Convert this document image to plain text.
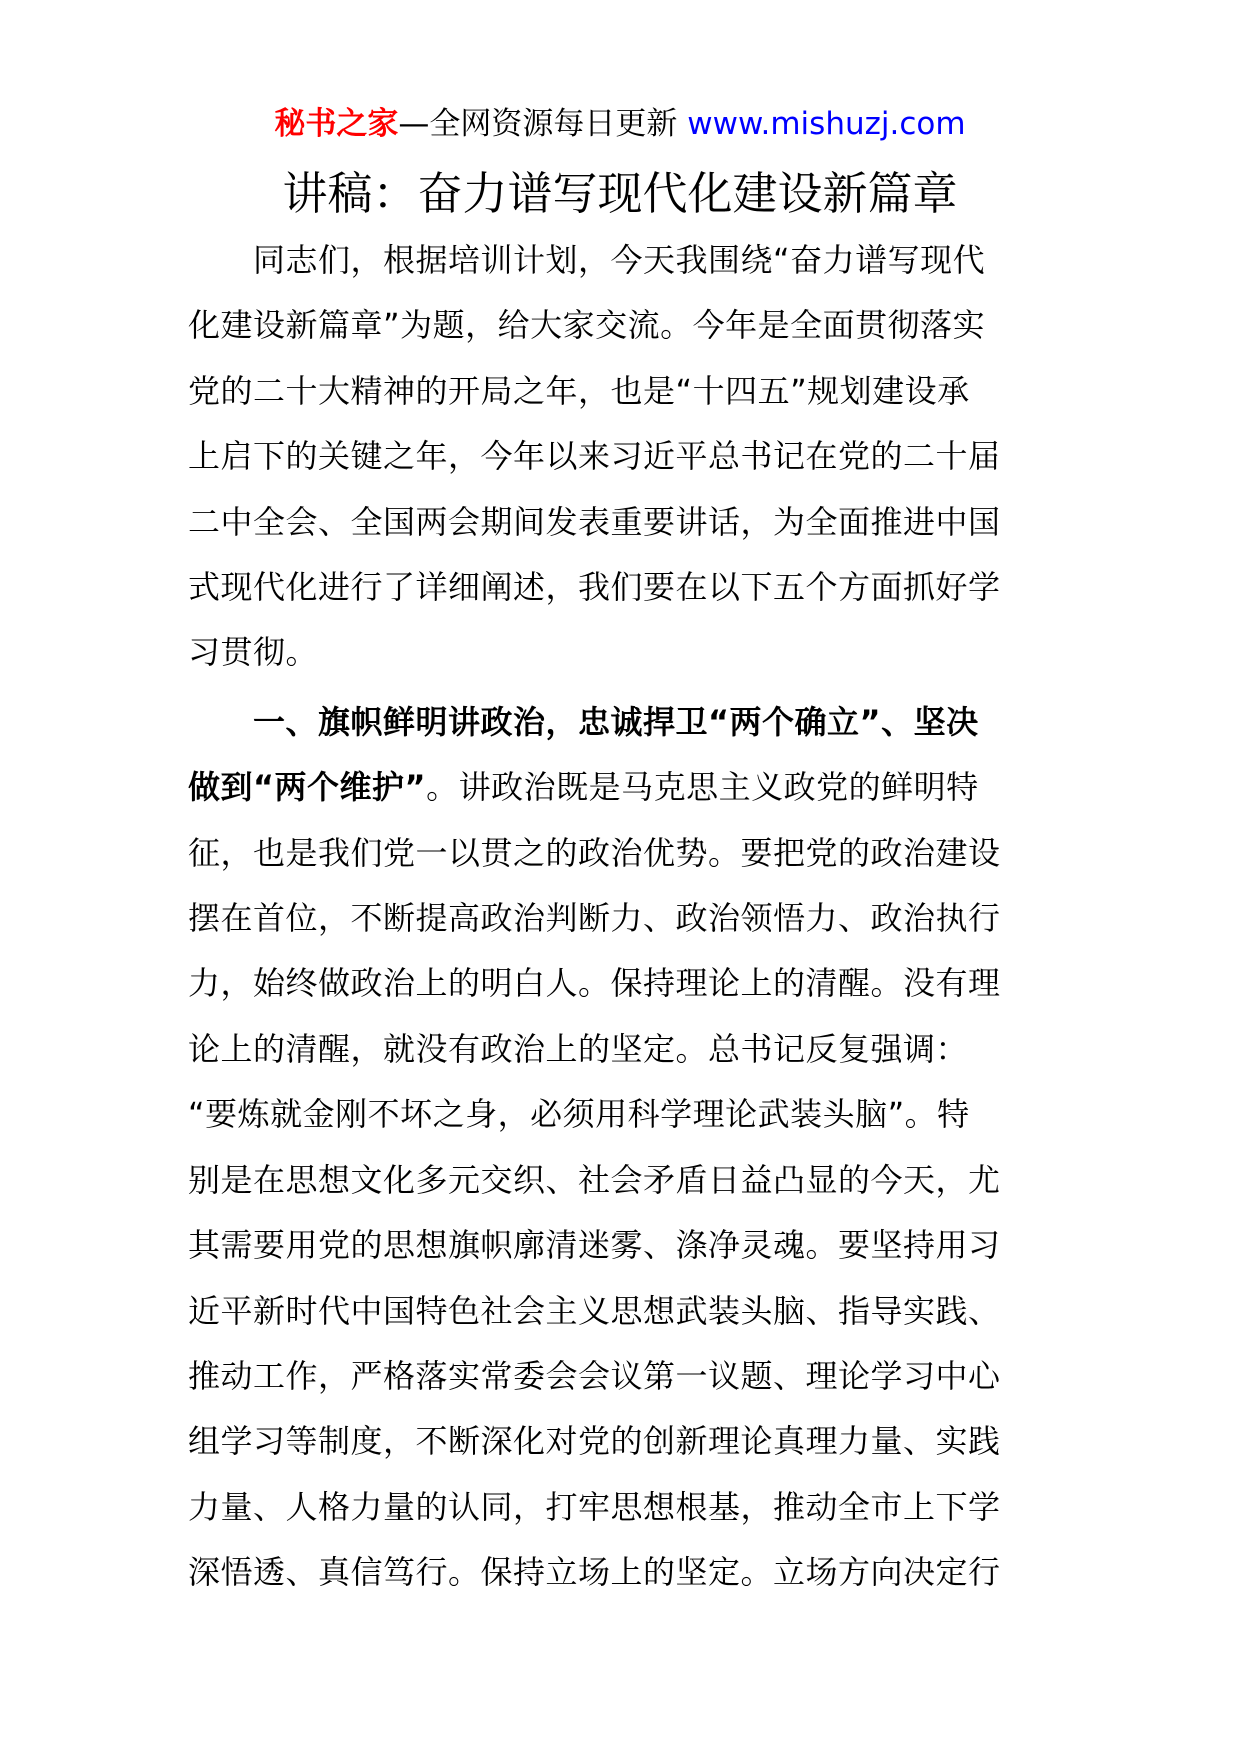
秘书之家—全网资源每日更新 www.mishuzj.com
讲稿：奋力谱写现代化建设新篇章

　　同志们，根据培训计划，今天我围绕“奋力谱写现代
化建设新篇章”为题，给大家交流。今年是全面贯彻落实
党的二十大精神的开局之年，也是“十四五”规划建设承
上启下的关键之年，今年以来习近平总书记在党的二十届
二中全会、全国两会期间发表重要讲话，为全面推进中国
式现代化进行了详细阐述，我们要在以下五个方面抓好学
习贯彻。

　　一、旗帜鲜明讲政治，忠诚捍卫“两个确立”、坚决
做到“两个维护”。讲政治既是马克思主义政党的鲜明特
征，也是我们党一以贯之的政治优势。要把党的政治建设
摆在首位，不断提高政治判断力、政治领悟力、政治执行
力，始终做政治上的明白人。保持理论上的清醒。没有理
论上的清醒，就没有政治上的坚定。总书记反复强调：
“要炼就金刚不坏之身，必须用科学理论武装头脑”。特
别是在思想文化多元交织、社会矛盾日益凸显的今天，尤
其需要用党的思想旗帜廓清迷雾、涤净灵魂。要坚持用习
近平新时代中国特色社会主义思想武装头脑、指导实践、
推动工作，严格落实常委会会议第一议题、理论学习中心
组学习等制度，不断深化对党的创新理论真理力量、实践
力量、人格力量的认同，打牢思想根基，推动全市上下学
深悟透、真信笃行。保持立场上的坚定。立场方向决定行
